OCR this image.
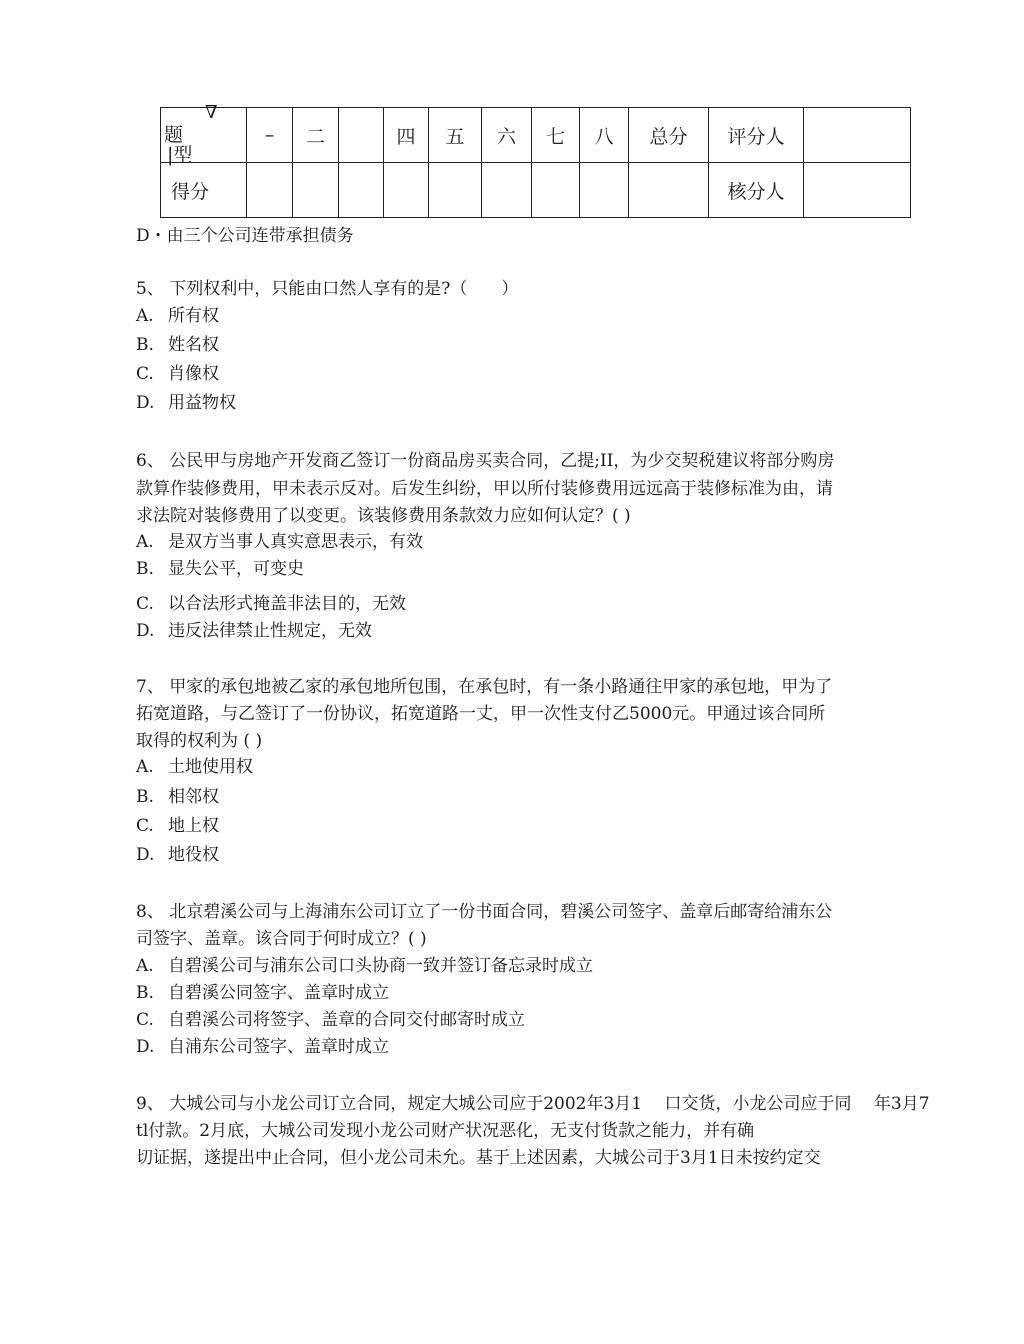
∇
题
|型	–	二		四	五	六	七	八	总分	评分人	
得分										核分人	
D・由三个公司连带承担债务
5、 下列权利中，只能由口然人享有的是?（　　）
A. 所有权
B. 姓名权
C. 肖像权
D. 用益物权
6、 公民甲与房地产开发商乙签订一份商品房买卖合同，乙提;II，为少交契税建议将部分购房
款算作装修费用，甲未表示反对。后发生纠纷，甲以所付装修费用远远高于装修标准为由，请
求法院对装修费用了以变更。该装修费用条款效力应如何认定？( )
A. 是双方当事人真实意思表示，有效
B. 显失公平，可变史
C. 以合法形式掩盖非法目的，无效
D. 违反法律禁止性规定，无效
7、 甲家的承包地被乙家的承包地所包围，在承包时，有一条小路通往甲家的承包地，甲为了
拓宽道路，与乙签订了一份协议，拓宽道路一丈，甲一次性支付乙5000元。甲通过该合同所
取得的权利为 ( )
A. 土地使用权
B. 相邻权
C. 地上权
D. 地役权
8、 北京碧溪公司与上海浦东公司订立了一份书面合同，碧溪公司签字、盖章后邮寄给浦东公
司签字、盖章。该合同于何时成立？( )
A. 自碧溪公司与浦东公司口头协商一致并签订备忘录时成立
B. 自碧溪公同签字、盖章时成立
C. 自碧溪公司将签字、盖章的合同交付邮寄时成立
D. 自浦东公司签字、盖章时成立
9、 大城公司与小龙公司订立合同，规定大城公司应于2002年3月1　 口交货，小龙公司应于同　 年3月7
tl付款。2月底，大城公司发现小龙公司财产状况恶化，无支付货款之能力，并有确
切证据，遂提出中止合同，但小龙公司未允。基于上述因素，大城公司于3月1日未按约定交
